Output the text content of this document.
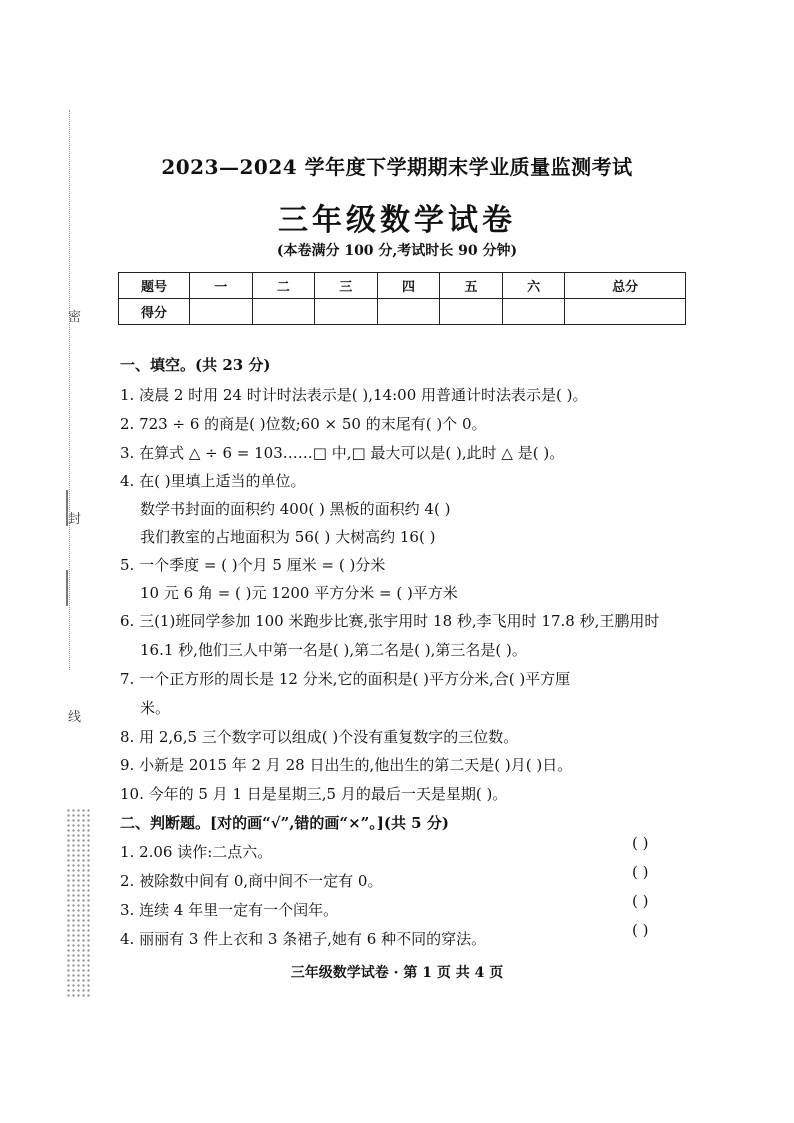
密
封
线
2023—2024 学年度下学期期末学业质量监测考试
三年级数学试卷
(本卷满分 100 分,考试时长 90 分钟)
题号	一	二	三	四	五	六	总分
得分							
一、填空。(共 23 分)
1. 凌晨 2 时用 24 时计时法表示是( ),14:00 用普通计时法表示是( )。
2. 723 ÷ 6 的商是( )位数;60 × 50 的末尾有( )个 0。
3. 在算式 △ ÷ 6 = 103……□ 中,□ 最大可以是( ),此时 △ 是( )。
4. 在( )里填上适当的单位。
数学书封面的面积约 400( ) 黑板的面积约 4( )
我们教室的占地面积为 56( ) 大树高约 16( )
5. 一个季度 = ( )个月 5 厘米 = ( )分米
10 元 6 角 = ( )元 1200 平方分米 = ( )平方米
6. 三(1)班同学参加 100 米跑步比赛,张宇用时 18 秒,李飞用时 17.8 秒,王鹏用时
16.1 秒,他们三人中第一名是( ),第二名是( ),第三名是( )。
7. 一个正方形的周长是 12 分米,它的面积是( )平方分米,合( )平方厘
米。
8. 用 2,6,5 三个数字可以组成( )个没有重复数字的三位数。
9. 小新是 2015 年 2 月 28 日出生的,他出生的第二天是( )月( )日。
10. 今年的 5 月 1 日是星期三,5 月的最后一天是星期( )。
二、判断题。[对的画“√”,错的画“×”。](共 5 分)
1. 2.06 读作:二点六。	( )
2. 被除数中间有 0,商中间不一定有 0。	( )
3. 连续 4 年里一定有一个闰年。	( )
4. 丽丽有 3 件上衣和 3 条裙子,她有 6 种不同的穿法。	( )
三年级数学试卷 · 第 1 页 共 4 页
